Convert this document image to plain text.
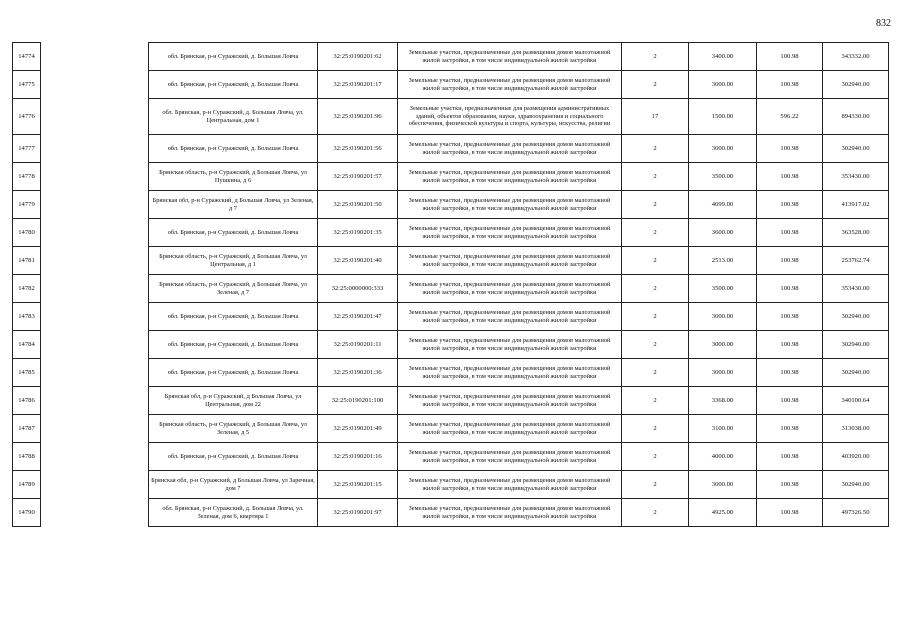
832
14774		обл. Брянская, р-н Суражский, д. Большая Ловча	32:25:0190201:62	Земельные участки, предназначенные для размещения домов малоэтажной жилой застройки, в том числе индивидуальной жилой застройки	2	3400.00	100.98	343332.00
14775		обл. Брянская, р-н Суражский, д. Большая Ловча	32:25:0190201:17	Земельные участки, предназначенные для размещения домов малоэтажной жилой застройки, в том числе индивидуальной жилой застройки	2	3000.00	100.98	302940.00
14776		обл. Брянская, р-н Суражский, д. Большая Ловча, ул. Центральная, дом 1	32:25:0190201:96	Земельные участки, предназначенные для размещения административных зданий, объектов образования, науки, здравоохранения и социального обеспечения, физической культуры и спорта, культуры, искусства, религии	17	1500.00	596.22	894330.00
14777		обл. Брянская, р-н Суражский, д. Большая Ловча	32:25:0190201:56	Земельные участки, предназначенные для размещения домов малоэтажной жилой застройки, в том числе индивидуальной жилой застройки	2	3000.00	100.98	302940.00
14778		Брянская область, р-н Суражский, д Большая Ловча, ул Пушкина, д 6	32:25:0190201:57	Земельные участки, предназначенные для размещения домов малоэтажной жилой застройки, в том числе индивидуальной жилой застройки	2	3500.00	100.98	353430.00
14779		Брянская обл, р-н Суражский, д Большая Ловча, ул Зеленая, д 7	32:25:0190201:50	Земельные участки, предназначенные для размещения домов малоэтажной жилой застройки, в том числе индивидуальной жилой застройки	2	4099.00	100.98	413917.02
14780		обл. Брянская, р-н Суражский, д. Большая Ловча	32:25:0190201:35	Земельные участки, предназначенные для размещения домов малоэтажной жилой застройки, в том числе индивидуальной жилой застройки	2	3600.00	100.98	363528.00
14781		Брянская область, р-н Суражский, д Большая Ловча, ул Центральная, д 1	32:25:0190201:40	Земельные участки, предназначенные для размещения домов малоэтажной жилой застройки, в том числе индивидуальной жилой застройки	2	2513.00	100.98	253762.74
14782		Брянская область, р-н Суражский, д Большая Ловча, ул Зеленая, д 7	32:25:0000000:333	Земельные участки, предназначенные для размещения домов малоэтажной жилой застройки, в том числе индивидуальной жилой застройки	2	3500.00	100.98	353430.00
14783		обл. Брянская, р-н Суражский, д. Большая Ловча	32:25:0190201:47	Земельные участки, предназначенные для размещения домов малоэтажной жилой застройки, в том числе индивидуальной жилой застройки	2	3000.00	100.98	302940.00
14784		обл. Брянская, р-н Суражский, д. Большая Ловча	32:25:0190201:11	Земельные участки, предназначенные для размещения домов малоэтажной жилой застройки, в том числе индивидуальной жилой застройки	2	3000.00	100.98	302940.00
14785		обл. Брянская, р-н Суражский, д. Большая Ловча	32:25:0190201:36	Земельные участки, предназначенные для размещения домов малоэтажной жилой застройки, в том числе индивидуальной жилой застройки	2	3000.00	100.98	302940.00
14786		Брянская обл, р-н Суражский, д Большая Ловча, ул Центральная, дом 22	32:25:0190201:100	Земельные участки, предназначенные для размещения домов малоэтажной жилой застройки, в том числе индивидуальной жилой застройки	2	3368.00	100.98	340100.64
14787		Брянская область, р-н Суражский, д Большая Ловча, ул Зеленая, д 5	32:25:0190201:49	Земельные участки, предназначенные для размещения домов малоэтажной жилой застройки, в том числе индивидуальной жилой застройки	2	3100.00	100.98	313038.00
14788		обл. Брянская, р-н Суражский, д. Большая Ловча	32:25:0190201:16	Земельные участки, предназначенные для размещения домов малоэтажной жилой застройки, в том числе индивидуальной жилой застройки	2	4000.00	100.98	403920.00
14789		Брянская обл, р-н Суражский, д Большая Ловча, ул Заречная, дом 7	32:25:0190201:15	Земельные участки, предназначенные для размещения домов малоэтажной жилой застройки, в том числе индивидуальной жилой застройки	2	3000.00	100.98	302940.00
14790		обл. Брянская, р-н Суражский, д. Большая Ловча, ул. Зеленая, дом 6, квартира 1	32:25:0190201:97	Земельные участки, предназначенные для размещения домов малоэтажной жилой застройки, в том числе индивидуальной жилой застройки	2	4925.00	100.98	497326.50
